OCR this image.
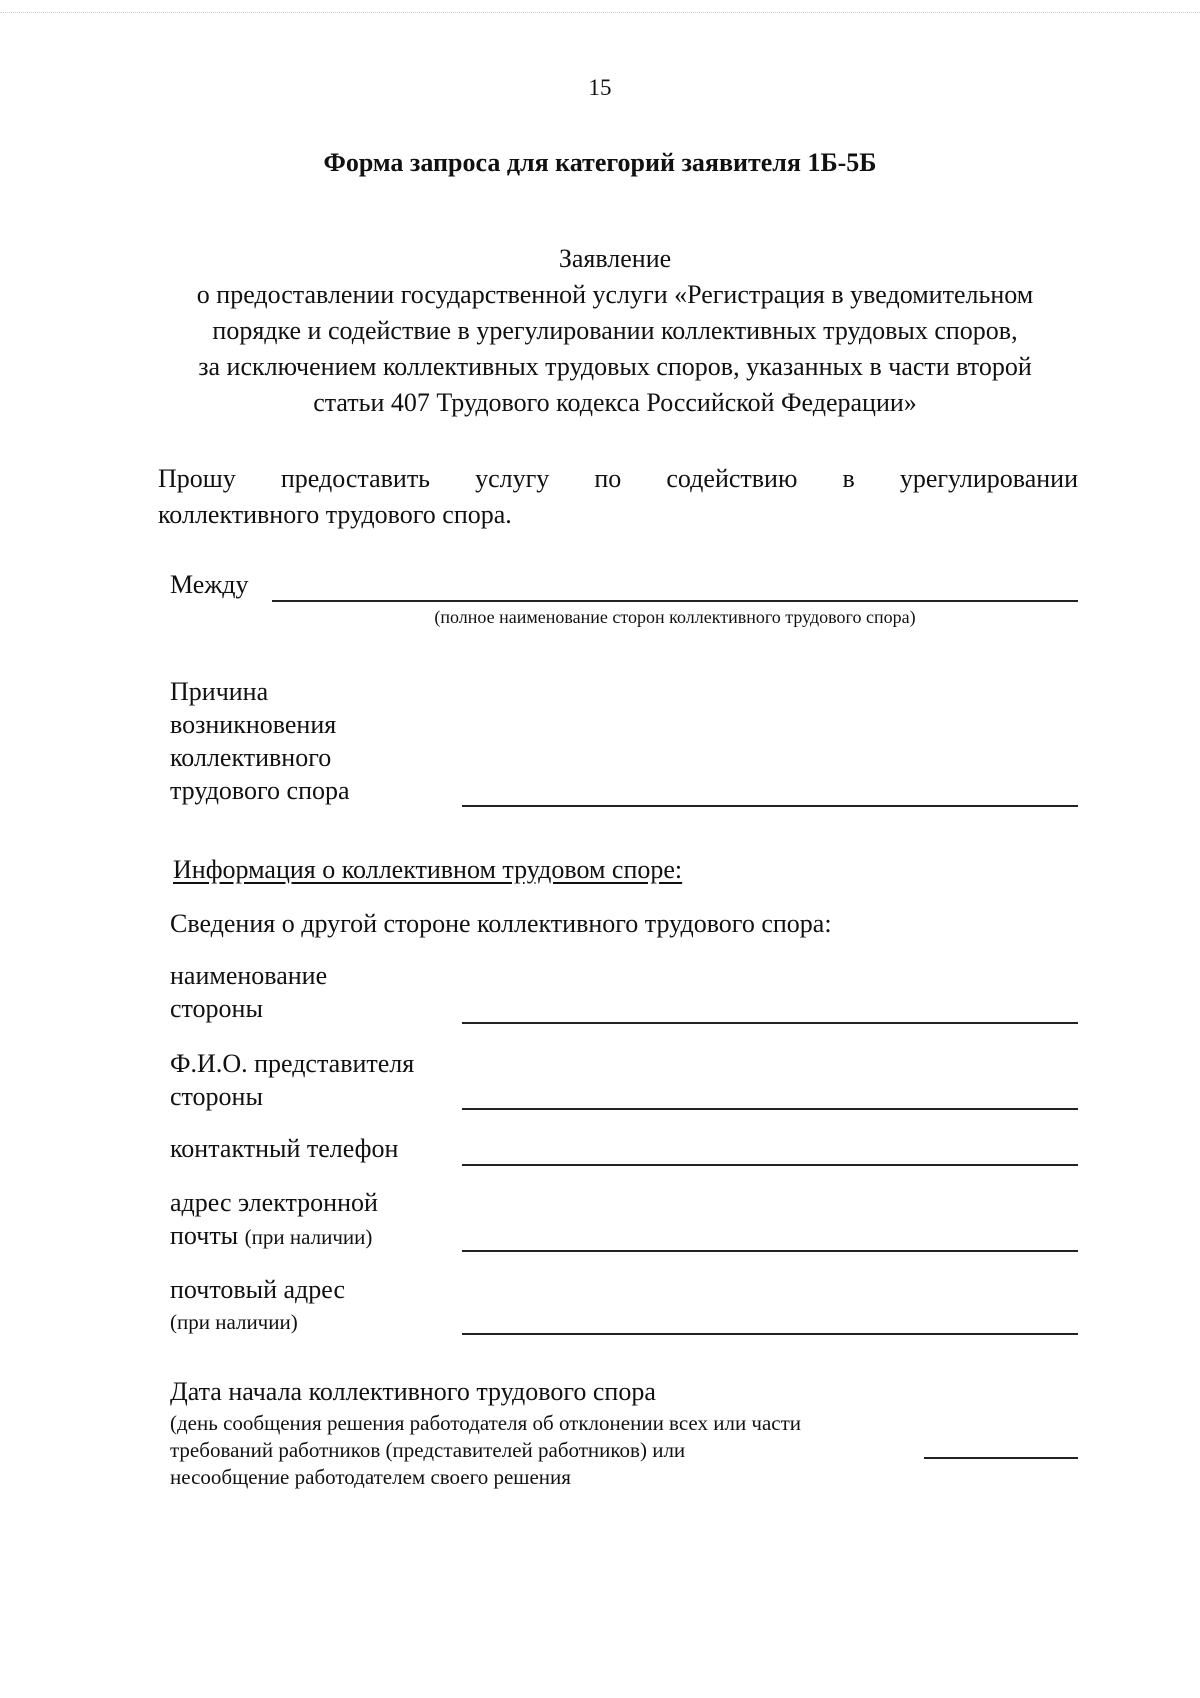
15
Форма запроса для категорий заявителя 1Б-5Б
Заявление
о предоставлении государственной услуги «Регистрация в уведомительном
порядке и содействие в урегулировании коллективных трудовых споров,
за исключением коллективных трудовых споров, указанных в части второй
статьи 407 Трудового кодекса Российской Федерации»
Прошу предоставить услугу по содействию в урегулировании
коллективного трудового спора.
Между
(полное наименование сторон коллективного трудового спора)
Причина
возникновения
коллективного
трудового спора
Информация о коллективном трудовом споре:
Сведения о другой стороне коллективного трудового спора:
наименование
стороны
Ф.И.О. представителя
стороны
контактный телефон
адрес электронной
почты (при наличии)
почтовый адрес
(при наличии)
Дата начала коллективного трудового спора
(день сообщения решения работодателя об отклонении всех или части
требований работников (представителей работников) или
несообщение работодателем своего решения
